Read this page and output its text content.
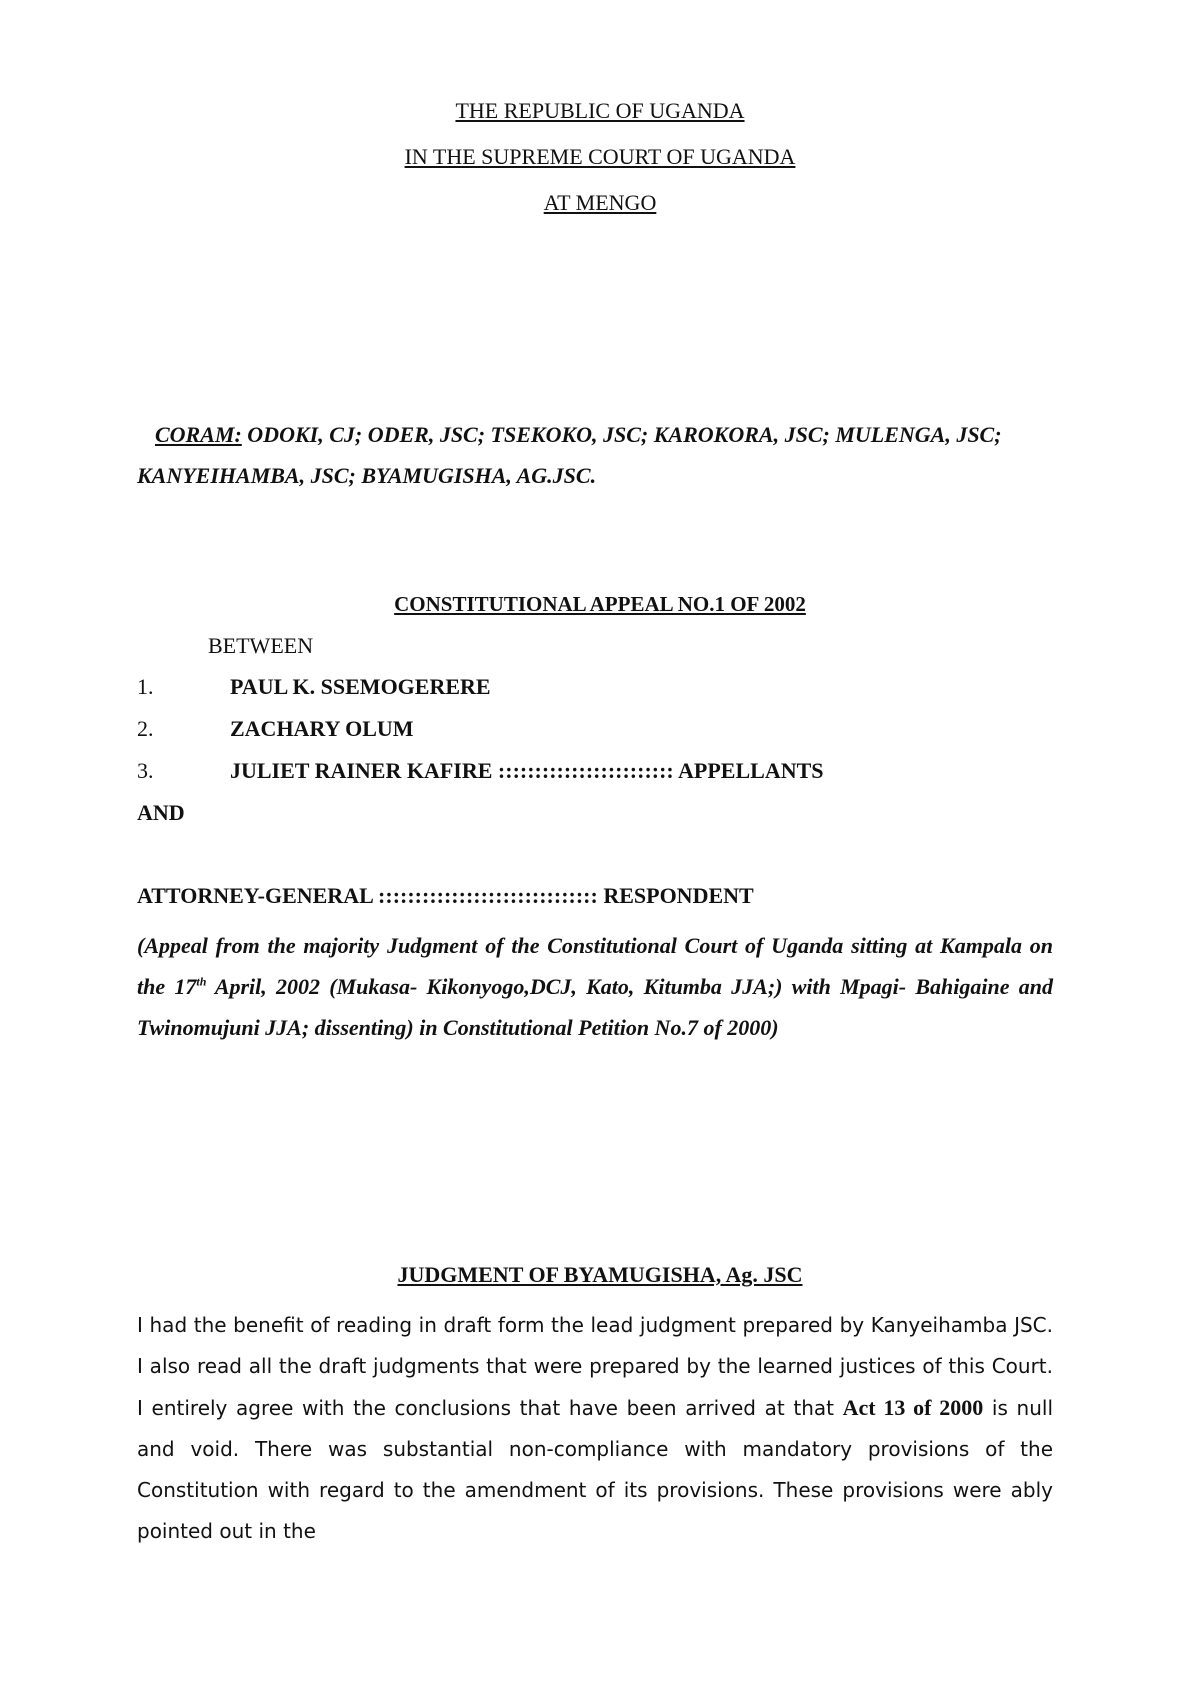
THE REPUBLIC OF UGANDA
IN THE SUPREME COURT OF UGANDA
AT MENGO
CORAM: ODOKI, CJ; ODER, JSC; TSEKOKO, JSC; KAROKORA, JSC; MULENGA, JSC; KANYEIHAMBA, JSC; BYAMUGISHA, AG.JSC.
CONSTITUTIONAL APPEAL NO.1 OF 2002
BETWEEN
1.	PAUL K. SSEMOGERERE
2.	ZACHARY OLUM
3.	JULIET RAINER KAFIRE :::::::::::::::::::::::: APPELLANTS
AND
ATTORNEY-GENERAL :::::::::::::::::::::::::::::: RESPONDENT
(Appeal from the majority Judgment of the Constitutional Court of Uganda sitting at Kampala on the 17th April, 2002 (Mukasa- Kikonyogo,DCJ, Kato, Kitumba JJA;) with Mpagi- Bahigaine and Twinomujuni JJA; dissenting) in Constitutional Petition No.7 of 2000)
JUDGMENT OF BYAMUGISHA, Ag. JSC
I had the benefit of reading in draft form the lead judgment prepared by Kanyeihamba JSC. I also read all the draft judgments that were prepared by the learned justices of this Court. I entirely agree with the conclusions that have been arrived at that Act 13 of 2000 is null and void. There was substantial non-compliance with mandatory provisions of the Constitution with regard to the amendment of its provisions. These provisions were ably pointed out in the
